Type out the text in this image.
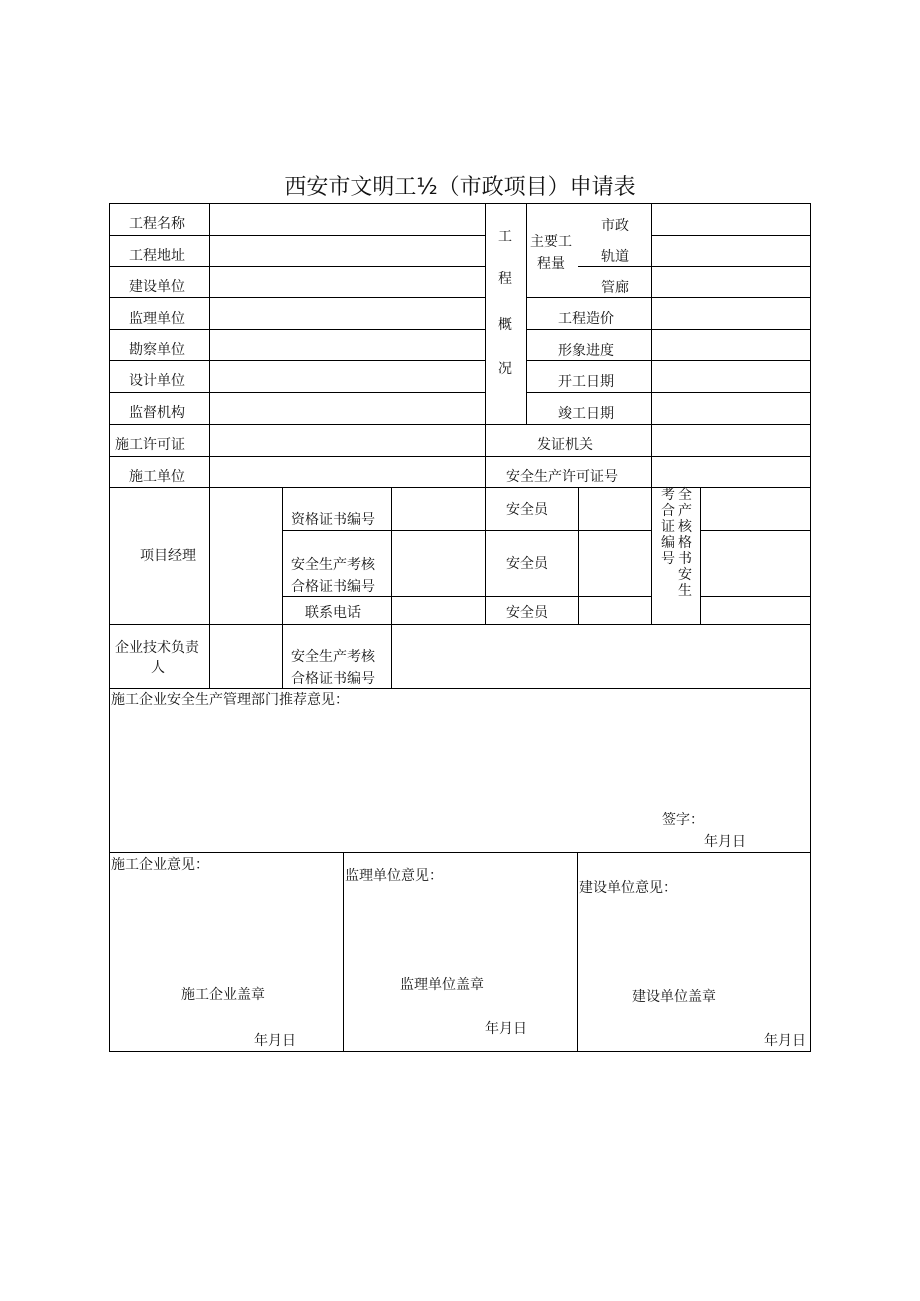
西安市文明工½（市政项目）申请表
工程名称
工程地址
建设单位
监理单位
勘察单位
设计单位
监督机构
施工许可证
施工单位
项目经理
企业技术负责
人
工
程
概
况
主要工
程量
市政
轨道
管廊
工程造价
形象进度
开工日期
竣工日期
发证机关
安全生产许可证号
资格证书编号
安全生产考核
合格证书编号
联系电话
安全员
安全员
安全员
考合证编号
全产核格书安生
安全生产考核
合格证书编号
施工企业安全生产管理部门推荐意见：
签字：
年月日
施工企业意见：
施工企业盖章
年月日
监理单位意见：
监理单位盖章
年月日
建设单位意见：
建设单位盖章
年月日
